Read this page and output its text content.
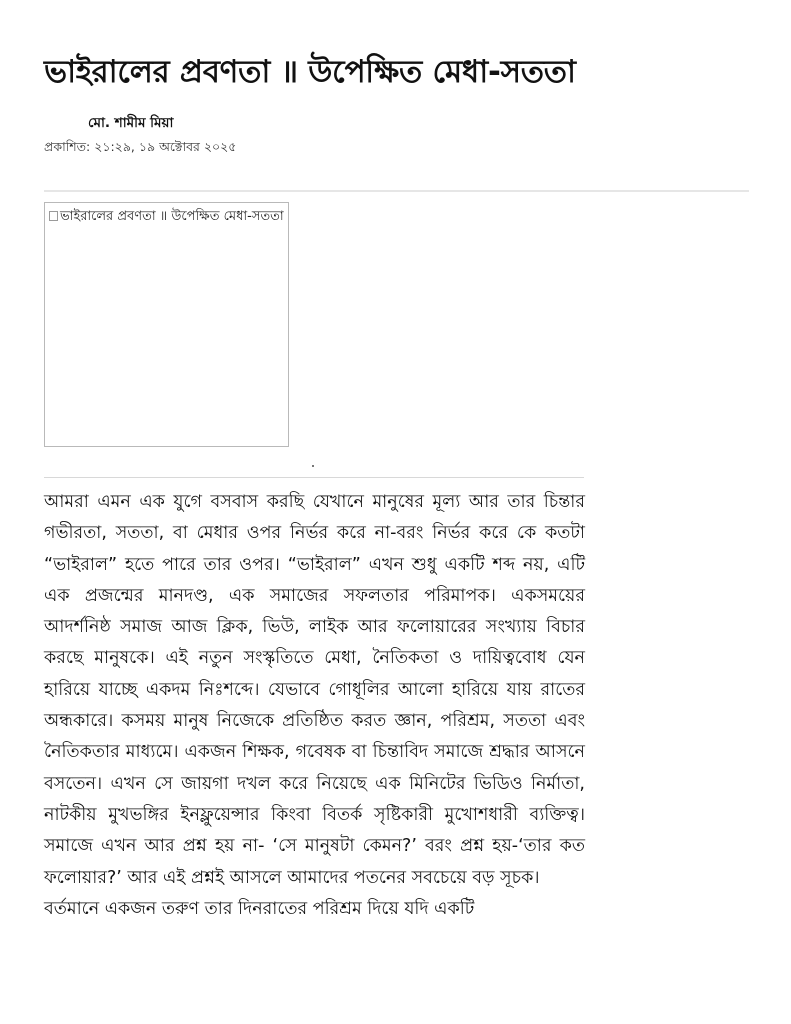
ভাইরালের প্রবণতা ॥ উপেক্ষিত মেধা-সততা
মো. শামীম মিয়া
প্রকাশিত: ২১:২৯, ১৯ অক্টোবর ২০২৫
ভাইরালের প্রবণতা ॥ উপেক্ষিত মেধা-সততা

আমরা এমন এক যুগে বসবাস করছি যেখানে মানুষের মূল্য আর তার চিন্তার গভীরতা, সততা, বা মেধার ওপর নির্ভর করে না-বরং নির্ভর করে কে কতটা “ভাইরাল” হতে পারে তার ওপর। “ভাইরাল” এখন শুধু একটি শব্দ নয়, এটি এক প্রজন্মের মানদণ্ড, এক সমাজের সফলতার পরিমাপক। একসময়ের আদর্শনিষ্ঠ সমাজ আজ ক্লিক, ভিউ, লাইক আর ফলোয়ারের সংখ্যায় বিচার করছে মানুষকে। এই নতুন সংস্কৃতিতে মেধা, নৈতিকতা ও দায়িত্ববোধ যেন হারিয়ে যাচ্ছে একদম নিঃশব্দে। যেভাবে গোধূলির আলো হারিয়ে যায় রাতের অন্ধকারে। কসময় মানুষ নিজেকে প্রতিষ্ঠিত করত জ্ঞান, পরিশ্রম, সততা এবং নৈতিকতার মাধ্যমে। একজন শিক্ষক, গবেষক বা চিন্তাবিদ সমাজে শ্রদ্ধার আসনে বসতেন। এখন সে জায়গা দখল করে নিয়েছে এক মিনিটের ভিডিও নির্মাতা, নাটকীয় মুখভঙ্গির ইনফ্লুয়েন্সার কিংবা বিতর্ক সৃষ্টিকারী মুখোশধারী ব্যক্তিত্ব। সমাজে এখন আর প্রশ্ন হয় না- ‘সে মানুষটা কেমন?’ বরং প্রশ্ন হয়-‘তার কত ফলোয়ার?’ আর এই প্রশ্নই আসলে আমাদের পতনের সবচেয়ে বড় সূচক।

বর্তমানে একজন তরুণ তার দিনরাতের পরিশ্রম দিয়ে যদি একটি
